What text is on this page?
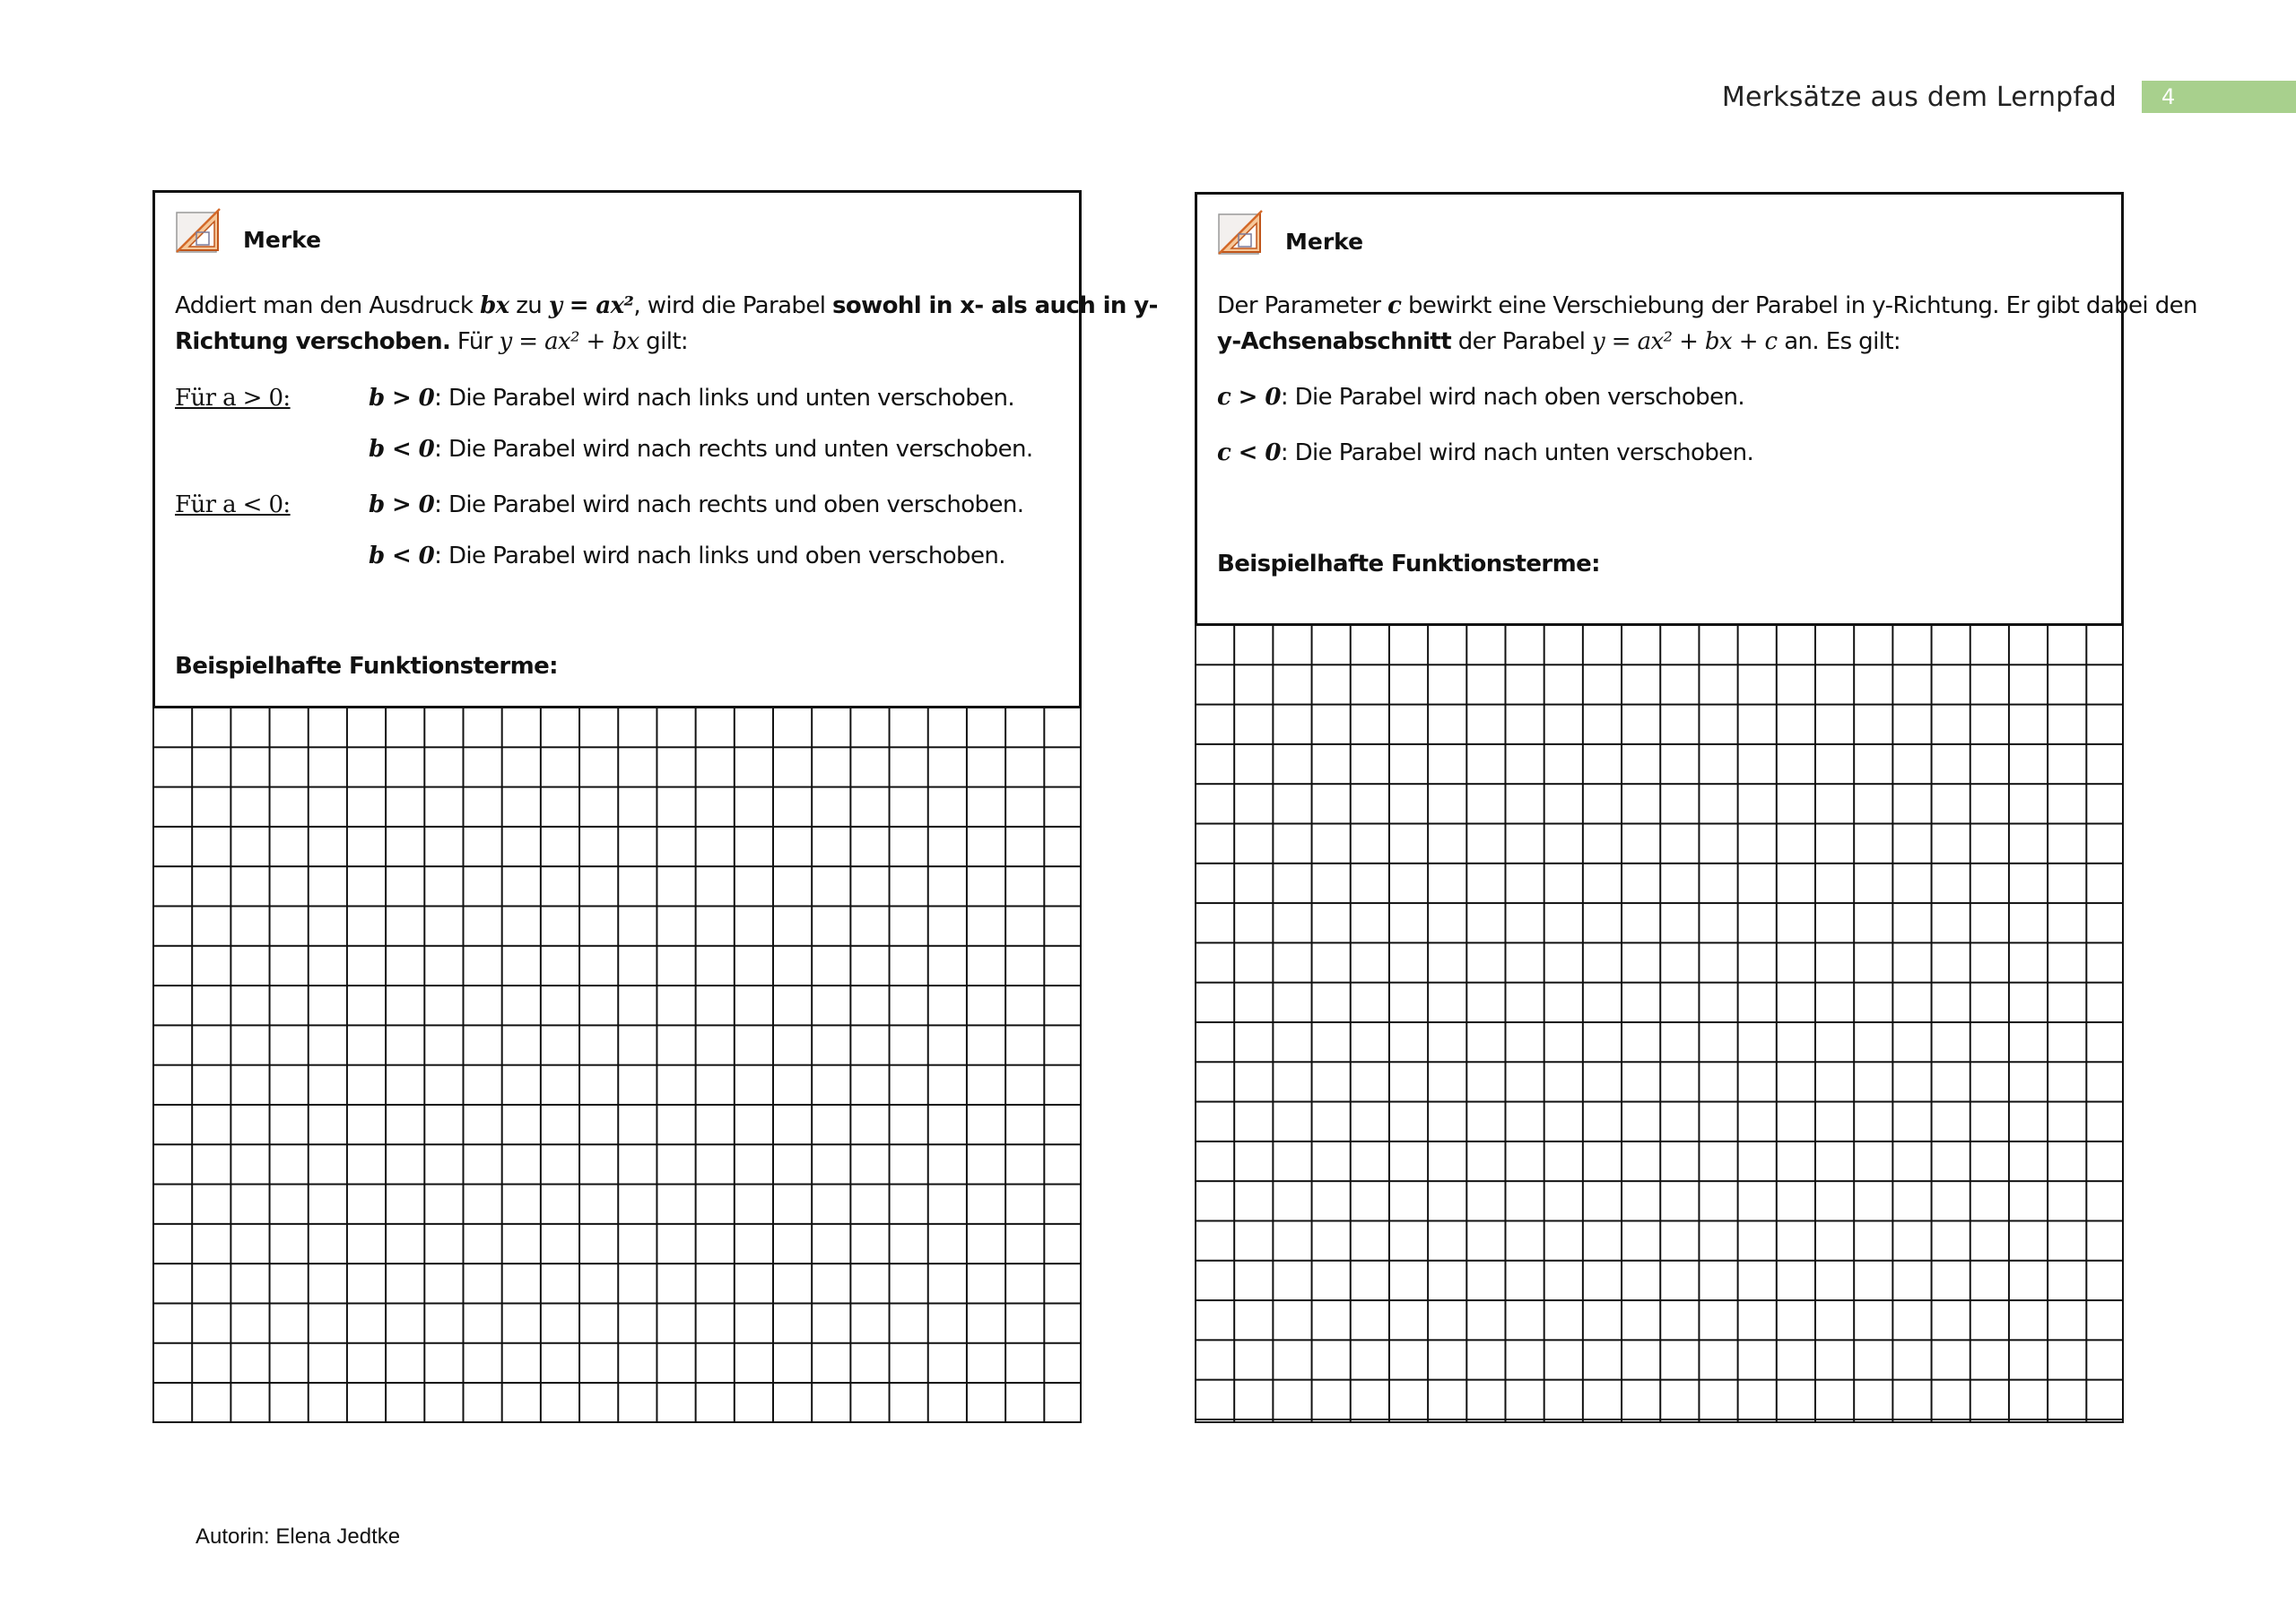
Merksätze aus dem Lernpfad	4
Merke
Addiert man den Ausdruck bx zu y = ax², wird die Parabel sowohl in x- als auch in y-
Richtung verschoben. Für y = ax² + bx gilt:
Für a > 0:	b > 0: Die Parabel wird nach links und unten verschoben.
b < 0: Die Parabel wird nach rechts und unten verschoben.
Für a < 0:	b > 0: Die Parabel wird nach rechts und oben verschoben.
b < 0: Die Parabel wird nach links und oben verschoben.
Beispielhafte Funktionsterme:
Merke
Der Parameter c bewirkt eine Verschiebung der Parabel in y-Richtung. Er gibt dabei den
y-Achsenabschnitt der Parabel y = ax² + bx + c an. Es gilt:
c > 0: Die Parabel wird nach oben verschoben.
c < 0: Die Parabel wird nach unten verschoben.
Beispielhafte Funktionsterme:
Autorin: Elena Jedtke
